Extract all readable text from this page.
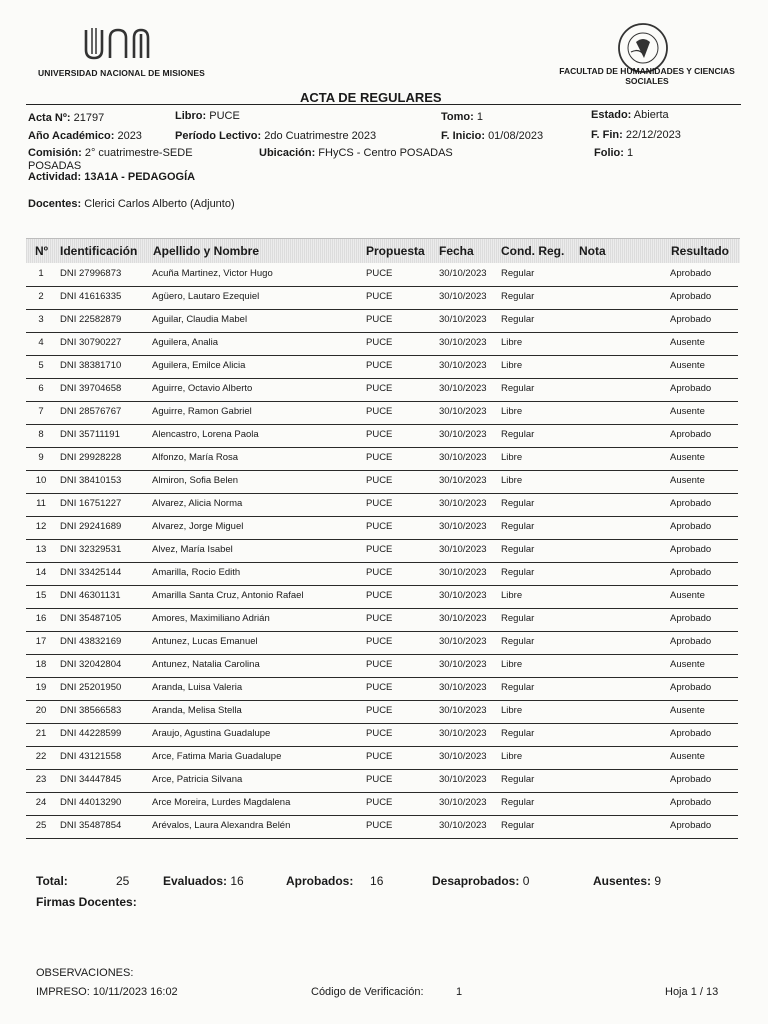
UNIVERSIDAD NACIONAL DE MISIONES	FACULTAD DE HUMANIDADES Y CIENCIAS SOCIALES
ACTA DE REGULARES
Acta Nº: 21797	Libro: PUCE	Tomo: 1	Estado: Abierta
Año Académico: 2023	Período Lectivo: 2do Cuatrimestre 2023	F. Inicio: 01/08/2023	F. Fin: 22/12/2023
Comisión: 2° cuatrimestre-SEDE
POSADAS
Ubicación: FHyCS - Centro POSADAS	Folio: 1
Actividad: 13A1A - PEDAGOGÍA
Docentes: Clerici Carlos Alberto (Adjunto)
Nº Identificación Apellido y Nombre	Propuesta Fecha Cond. Reg. Nota	Resultado
1	DNI 27996873	Acuña Martinez, Victor Hugo	PUCE	30/10/2023 Regular	Aprobado
2	DNI 41616335	Agüero, Lautaro Ezequiel	PUCE	30/10/2023 Regular	Aprobado
3	DNI 22582879	Aguilar, Claudia Mabel	PUCE	30/10/2023 Regular	Aprobado
4	DNI 30790227	Aguilera, Analia	PUCE	30/10/2023 Libre	Ausente
5	DNI 38381710	Aguilera, Emilce Alicia	PUCE	30/10/2023 Libre	Ausente
6	DNI 39704658	Aguirre, Octavio Alberto	PUCE	30/10/2023 Regular	Aprobado
7	DNI 28576767	Aguirre, Ramon Gabriel	PUCE	30/10/2023 Libre	Ausente
8	DNI 35711191	Alencastro, Lorena Paola	PUCE	30/10/2023 Regular	Aprobado
9	DNI 29928228	Alfonzo, María Rosa	PUCE	30/10/2023 Libre	Ausente
10	DNI 38410153	Almiron, Sofia Belen	PUCE	30/10/2023 Libre	Ausente
11	DNI 16751227	Alvarez, Alicia Norma	PUCE	30/10/2023 Regular	Aprobado
12	DNI 29241689	Alvarez, Jorge Miguel	PUCE	30/10/2023 Regular	Aprobado
13	DNI 32329531	Alvez, María Isabel	PUCE	30/10/2023 Regular	Aprobado
14	DNI 33425144	Amarilla, Rocio Edith	PUCE	30/10/2023 Regular	Aprobado
15	DNI 46301131	Amarilla Santa Cruz, Antonio Rafael	PUCE	30/10/2023 Libre	Ausente
16	DNI 35487105	Amores, Maximiliano Adrián	PUCE	30/10/2023 Regular	Aprobado
17	DNI 43832169	Antunez, Lucas Emanuel	PUCE	30/10/2023 Regular	Aprobado
18	DNI 32042804	Antunez, Natalia Carolina	PUCE	30/10/2023 Libre	Ausente
19	DNI 25201950	Aranda, Luisa Valeria	PUCE	30/10/2023 Regular	Aprobado
20	DNI 38566583	Aranda, Melisa Stella	PUCE	30/10/2023 Libre	Ausente
21	DNI 44228599	Araujo, Agustina Guadalupe	PUCE	30/10/2023 Regular	Aprobado
22	DNI 43121558	Arce, Fatima Maria Guadalupe	PUCE	30/10/2023 Libre	Ausente
23	DNI 34447845	Arce, Patricia Silvana	PUCE	30/10/2023 Regular	Aprobado
24	DNI 44013290	Arce Moreira, Lurdes Magdalena	PUCE	30/10/2023 Regular	Aprobado
25	DNI 35487854	Arévalos, Laura Alexandra Belén	PUCE	30/10/2023 Regular	Aprobado
Total:	25	Evaluados: 16	Aprobados: 16	Desaprobados: 0	Ausentes: 9
Firmas Docentes:
OBSERVACIONES:
IMPRESO: 10/11/2023 16:02	Código de Verificación:	1	Hoja 1 / 13
